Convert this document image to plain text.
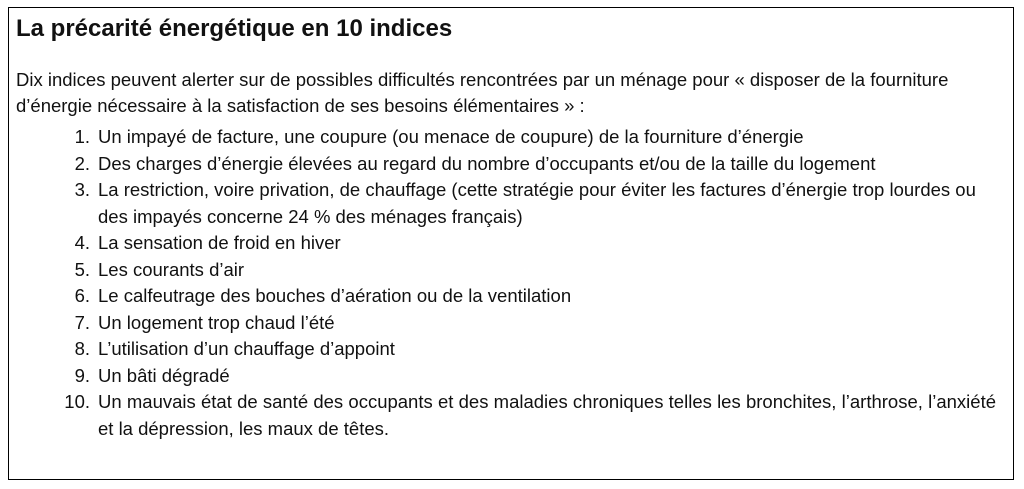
La précarité énergétique en 10 indices

Dix indices peuvent alerter sur de possibles difficultés rencontrées par un ménage pour « disposer de la fourniture d’énergie nécessaire à la satisfaction de ses besoins élémentaires » :

1. Un impayé de facture, une coupure (ou menace de coupure) de la fourniture d’énergie
2. Des charges d’énergie élevées au regard du nombre d’occupants et/ou de la taille du logement
3. La restriction, voire privation, de chauffage (cette stratégie pour éviter les factures d’énergie trop lourdes ou des impayés concerne 24 % des ménages français)
4. La sensation de froid en hiver
5. Les courants d’air
6. Le calfeutrage des bouches d’aération ou de la ventilation
7. Un logement trop chaud l’été
8. L’utilisation d’un chauffage d’appoint
9. Un bâti dégradé
10. Un mauvais état de santé des occupants et des maladies chroniques telles les bronchites, l’arthrose, l’anxiété et la dépression, les maux de têtes.
